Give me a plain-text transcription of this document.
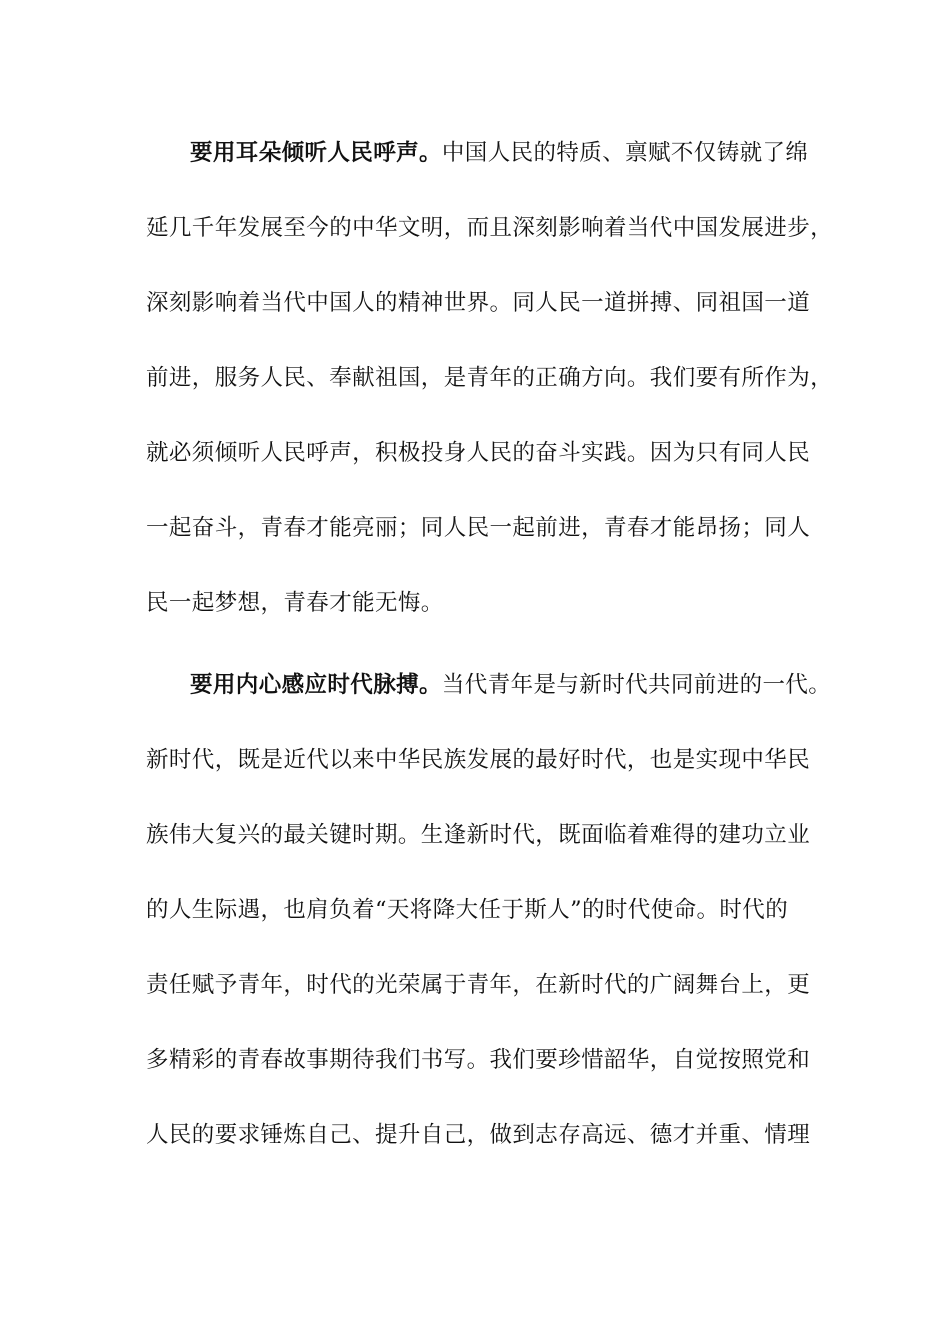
要用耳朵倾听人民呼声。中国人民的特质、禀赋不仅铸就了绵
延几千年发展至今的中华文明，而且深刻影响着当代中国发展进步，
深刻影响着当代中国人的精神世界。同人民一道拼搏、同祖国一道
前进，服务人民、奉献祖国，是青年的正确方向。我们要有所作为，
就必须倾听人民呼声，积极投身人民的奋斗实践。因为只有同人民
一起奋斗，青春才能亮丽；同人民一起前进，青春才能昂扬；同人
民一起梦想，青春才能无悔。
要用内心感应时代脉搏。当代青年是与新时代共同前进的一代。
新时代，既是近代以来中华民族发展的最好时代，也是实现中华民
族伟大复兴的最关键时期。生逢新时代，既面临着难得的建功立业
的人生际遇，也肩负着“天将降大任于斯人”的时代使命。时代的
责任赋予青年，时代的光荣属于青年，在新时代的广阔舞台上，更
多精彩的青春故事期待我们书写。我们要珍惜韶华，自觉按照党和
人民的要求锤炼自己、提升自己，做到志存高远、德才并重、情理
